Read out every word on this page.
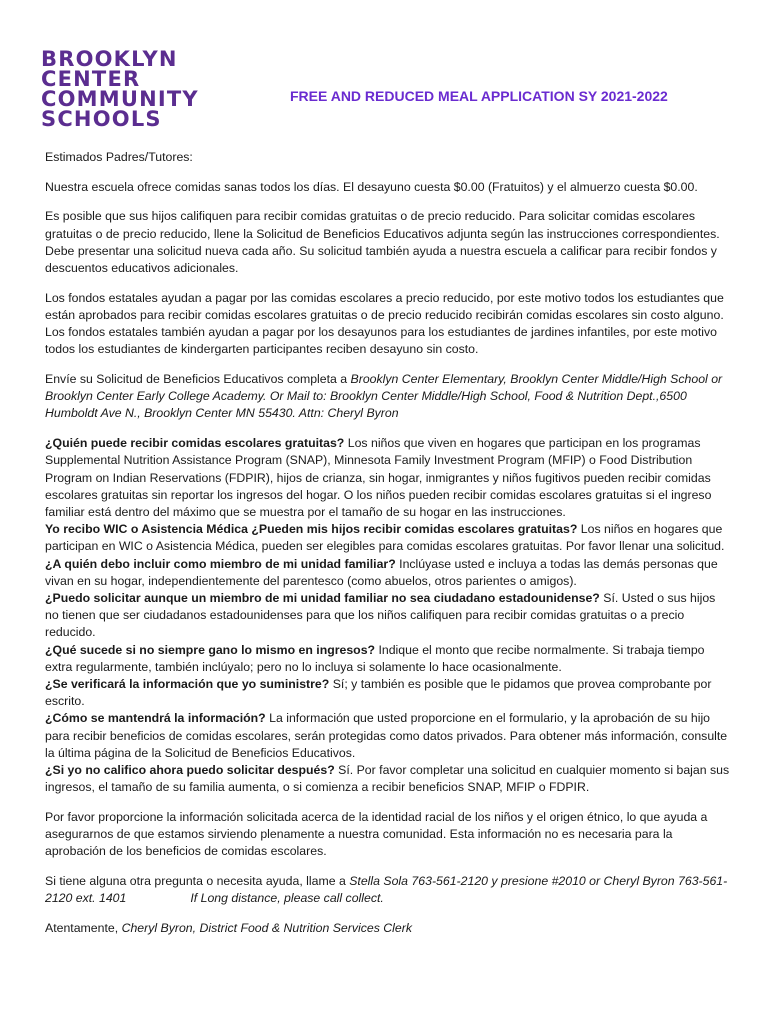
BROOKLYN
CENTER
COMMUNITY
SCHOOLS
FREE AND REDUCED MEAL APPLICATION SY 2021-2022

Estimados Padres/Tutores:

Nuestra escuela ofrece comidas sanas todos los días. El desayuno cuesta $0.00 (Fratuitos) y el almuerzo cuesta $0.00.

Es posible que sus hijos califiquen para recibir comidas gratuitas o de precio reducido. Para solicitar comidas escolares gratuitas o de precio reducido, llene la Solicitud de Beneficios Educativos adjunta según las instrucciones correspondientes. Debe presentar una solicitud nueva cada año. Su solicitud también ayuda a nuestra escuela a calificar para recibir fondos y descuentos educativos adicionales.

Los fondos estatales ayudan a pagar por las comidas escolares a precio reducido, por este motivo todos los estudiantes que están aprobados para recibir comidas escolares gratuitas o de precio reducido recibirán comidas escolares sin costo alguno. Los fondos estatales también ayudan a pagar por los desayunos para los estudiantes de jardines infantiles, por este motivo todos los estudiantes de kindergarten participantes reciben desayuno sin costo.

Envíe su Solicitud de Beneficios Educativos completa a Brooklyn Center Elementary, Brooklyn Center Middle/High School or Brooklyn Center Early College Academy. Or Mail to: Brooklyn Center Middle/High School, Food & Nutrition Dept.,6500 Humboldt Ave N., Brooklyn Center MN 55430. Attn: Cheryl Byron

¿Quién puede recibir comidas escolares gratuitas? Los niños que viven en hogares que participan en los programas Supplemental Nutrition Assistance Program (SNAP), Minnesota Family Investment Program (MFIP) o Food Distribution Program on Indian Reservations (FDPIR), hijos de crianza, sin hogar, inmigrantes y niños fugitivos pueden recibir comidas escolares gratuitas sin reportar los ingresos del hogar. O los niños pueden recibir comidas escolares gratuitas si el ingreso familiar está dentro del máximo que se muestra por el tamaño de su hogar en las instrucciones.

Yo recibo WIC o Asistencia Médica ¿Pueden mis hijos recibir comidas escolares gratuitas? Los niños en hogares que participan en WIC o Asistencia Médica, pueden ser elegibles para comidas escolares gratuitas. Por favor llenar una solicitud.

¿A quién debo incluir como miembro de mi unidad familiar? Inclúyase usted e incluya a todas las demás personas que vivan en su hogar, independientemente del parentesco (como abuelos, otros parientes o amigos).

¿Puedo solicitar aunque un miembro de mi unidad familiar no sea ciudadano estadounidense? Sí. Usted o sus hijos no tienen que ser ciudadanos estadounidenses para que los niños califiquen para recibir comidas gratuitas o a precio reducido.

¿Qué sucede si no siempre gano lo mismo en ingresos? Indique el monto que recibe normalmente. Si trabaja tiempo extra regularmente, también inclúyalo; pero no lo incluya si solamente lo hace ocasionalmente.

¿Se verificará la información que yo suministre? Sí; y también es posible que le pidamos que provea comprobante por escrito.

¿Cómo se mantendrá la información? La información que usted proporcione en el formulario, y la aprobación de su hijo para recibir beneficios de comidas escolares, serán protegidas como datos privados. Para obtener más información, consulte la última página de la Solicitud de Beneficios Educativos.

¿Si yo no califico ahora puedo solicitar después? Sí. Por favor completar una solicitud en cualquier momento si bajan sus ingresos, el tamaño de su familia aumenta, o si comienza a recibir beneficios SNAP, MFIP o FDPIR.

Por favor proporcione la información solicitada acerca de la identidad racial de los niños y el origen étnico, lo que ayuda a asegurarnos de que estamos sirviendo plenamente a nuestra comunidad. Esta información no es necesaria para la aprobación de los beneficios de comidas escolares.

Si tiene alguna otra pregunta o necesita ayuda, llame a Stella Sola 763-561-2120 y presione #2010 or Cheryl Byron 763-561-2120 ext. 1401	If Long distance, please call collect.

Atentamente, Cheryl Byron, District Food & Nutrition Services Clerk
